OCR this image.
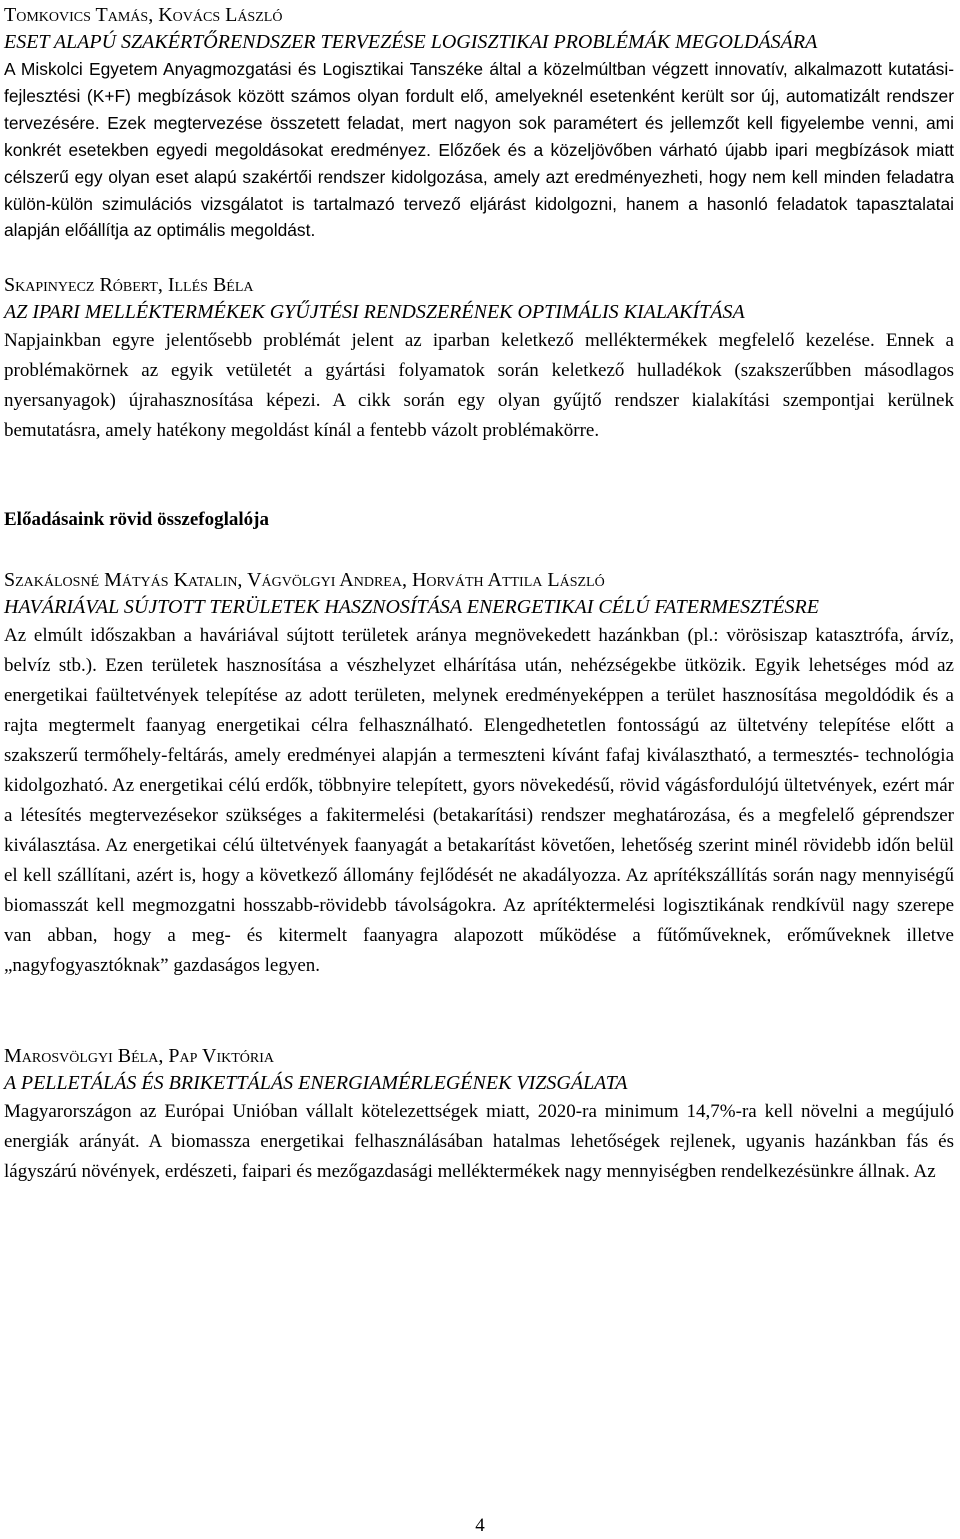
Tomkovics Tamás, Kovács László

ESET ALAPÚ SZAKÉRTŐRENDSZER TERVEZÉSE LOGISZTIKAI PROBLÉMÁK MEGOLDÁSÁRA

A Miskolci Egyetem Anyagmozgatási és Logisztikai Tanszéke által a közelmúltban végzett innovatív, alkalmazott kutatási-fejlesztési (K+F) megbízások között számos olyan fordult elő, amelyeknél esetenként került sor új, automatizált rendszer tervezésére. Ezek megtervezése összetett feladat, mert nagyon sok paramétert és jellemzőt kell figyelembe venni, ami konkrét esetekben egyedi megoldásokat eredményez. Előzőek és a közeljövőben várható újabb ipari megbízások miatt célszerű egy olyan eset alapú szakértői rendszer kidolgozása, amely azt eredményezheti, hogy nem kell minden feladatra külön-külön szimulációs vizsgálatot is tartalmazó tervező eljárást kidolgozni, hanem a hasonló feladatok tapasztalatai alapján előállítja az optimális megoldást.

Skapinyecz Róbert, Illés Béla

AZ IPARI MELLÉKTERMÉKEK GYŰJTÉSI RENDSZERÉNEK OPTIMÁLIS KIALAKÍTÁSA

Napjainkban egyre jelentősebb problémát jelent az iparban keletkező melléktermékek megfelelő kezelése. Ennek a problémakörnek az egyik vetületét a gyártási folyamatok során keletkező hulladékok (szakszerűbben másodlagos nyersanyagok) újrahasznosítása képezi. A cikk során egy olyan gyűjtő rendszer kialakítási szempontjai kerülnek bemutatásra, amely hatékony megoldást kínál a fentebb vázolt problémakörre.

Előadásaink rövid összefoglalója

Szakálosné Mátyás Katalin, Vágvölgyi Andrea, Horváth Attila László

HAVÁRIÁVAL SÚJTOTT TERÜLETEK HASZNOSÍTÁSA ENERGETIKAI CÉLÚ FATERMESZTÉSRE

Az elmúlt időszakban a haváriával sújtott területek aránya megnövekedett hazánkban (pl.: vörösiszap katasztrófa, árvíz, belvíz stb.). Ezen területek hasznosítása a vészhelyzet elhárítása után, nehézségekbe ütközik. Egyik lehetséges mód az energetikai faültetvények telepítése az adott területen, melynek eredményeképpen a terület hasznosítása megoldódik és a rajta megtermelt faanyag energetikai célra felhasználható. Elengedhetetlen fontosságú az ültetvény telepítése előtt a szakszerű termőhely-feltárás, amely eredményei alapján a termeszteni kívánt fafaj kiválasztható, a termesztés- technológia kidolgozható. Az energetikai célú erdők, többnyire telepített, gyors növekedésű, rövid vágásfordulójú ültetvények, ezért már a létesítés megtervezésekor szükséges a fakitermelési (betakarítási) rendszer meghatározása, és a megfelelő géprendszer kiválasztása. Az energetikai célú ültetvények faanyagát a betakarítást követően, lehetőség szerint minél rövidebb időn belül el kell szállítani, azért is, hogy a következő állomány fejlődését ne akadályozza. Az aprítékszállítás során nagy mennyiségű biomasszát kell megmozgatni hosszabb-rövidebb távolságokra. Az aprítéktermelési logisztikának rendkívül nagy szerepe van abban, hogy a meg- és kitermelt faanyagra alapozott működése a fűtőműveknek, erőműveknek illetve „nagyfogyasztóknak” gazdaságos legyen.

Marosvölgyi Béla, Pap Viktória

A PELLETÁLÁS ÉS BRIKETTÁLÁS ENERGIAMÉRLEGÉNEK VIZSGÁLATA

Magyarországon az Európai Unióban vállalt kötelezettségek miatt, 2020-ra minimum 14,7%-ra kell növelni a megújuló energiák arányát. A biomassza energetikai felhasználásában hatalmas lehetőségek rejlenek, ugyanis hazánkban fás és lágyszárú növények, erdészeti, faipari és mezőgazdasági melléktermékek nagy mennyiségben rendelkezésünkre állnak. Az

4
